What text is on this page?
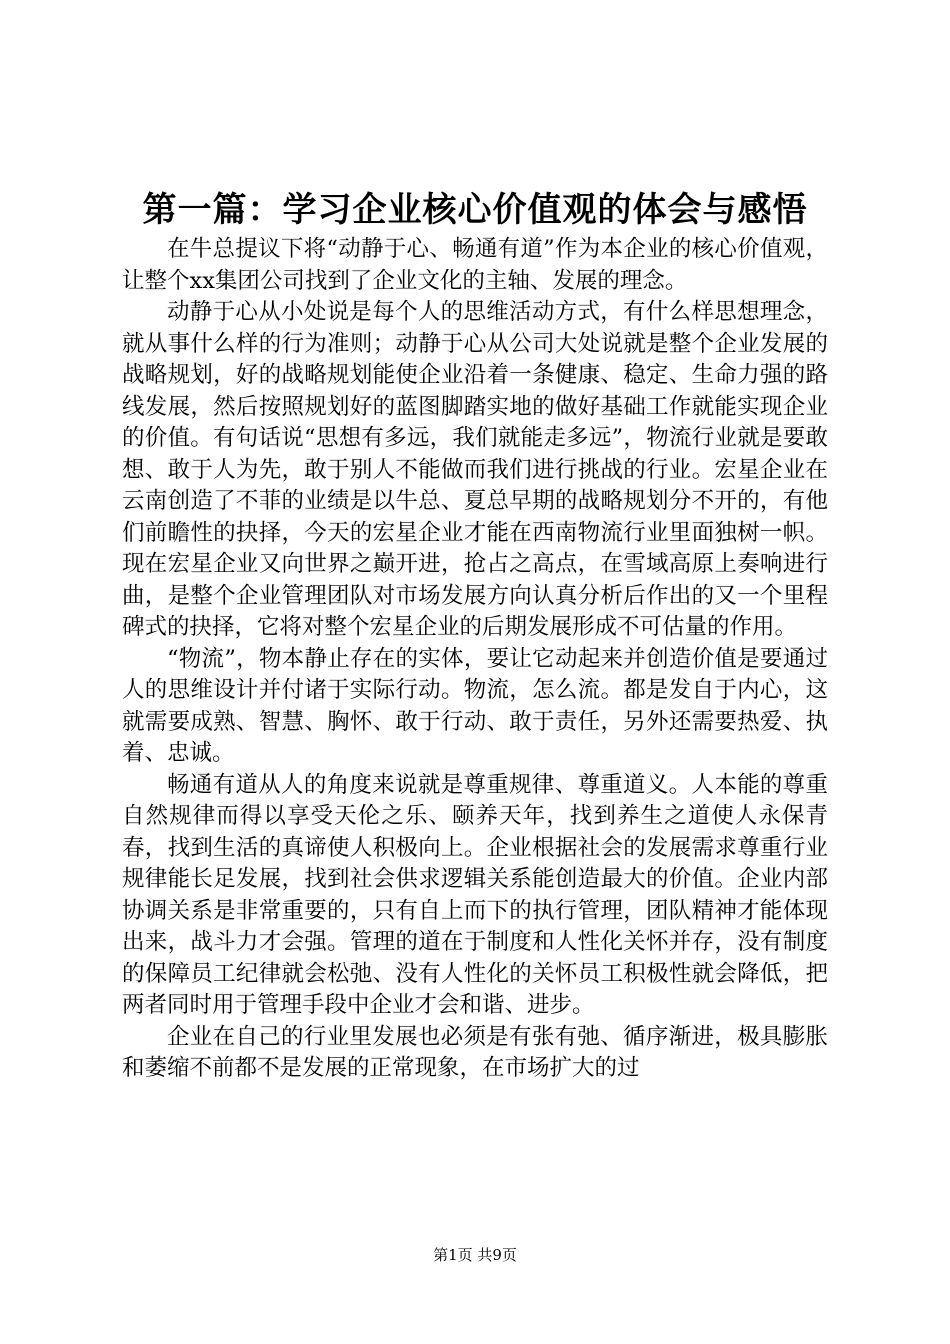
第一篇：学习企业核心价值观的体会与感悟

在牛总提议下将“动静于心、畅通有道”作为本企业的核心价值观，让整个xx集团公司找到了企业文化的主轴、发展的理念。

动静于心从小处说是每个人的思维活动方式，有什么样思想理念，就从事什么样的行为准则；动静于心从公司大处说就是整个企业发展的战略规划，好的战略规划能使企业沿着一条健康、稳定、生命力强的路线发展，然后按照规划好的蓝图脚踏实地的做好基础工作就能实现企业的价值。有句话说“思想有多远，我们就能走多远”，物流行业就是要敢想、敢于人为先，敢于别人不能做而我们进行挑战的行业。宏星企业在云南创造了不菲的业绩是以牛总、夏总早期的战略规划分不开的，有他们前瞻性的抉择，今天的宏星企业才能在西南物流行业里面独树一帜。现在宏星企业又向世界之巅开进，抢占之高点，在雪域高原上奏响进行曲，是整个企业管理团队对市场发展方向认真分析后作出的又一个里程碑式的抉择，它将对整个宏星企业的后期发展形成不可估量的作用。

“物流”，物本静止存在的实体，要让它动起来并创造价值是要通过人的思维设计并付诸于实际行动。物流，怎么流。都是发自于内心，这就需要成熟、智慧、胸怀、敢于行动、敢于责任，另外还需要热爱、执着、忠诚。

畅通有道从人的角度来说就是尊重规律、尊重道义。人本能的尊重自然规律而得以享受天伦之乐、颐养天年，找到养生之道使人永保青春，找到生活的真谛使人积极向上。企业根据社会的发展需求尊重行业规律能长足发展，找到社会供求逻辑关系能创造最大的价值。企业内部协调关系是非常重要的，只有自上而下的执行管理，团队精神才能体现出来，战斗力才会强。管理的道在于制度和人性化关怀并存，没有制度的保障员工纪律就会松弛、没有人性化的关怀员工积极性就会降低，把两者同时用于管理手段中企业才会和谐、进步。

企业在自己的行业里发展也必须是有张有弛、循序渐进，极具膨胀和萎缩不前都不是发展的正常现象，在市场扩大的过

第1页 共9页
